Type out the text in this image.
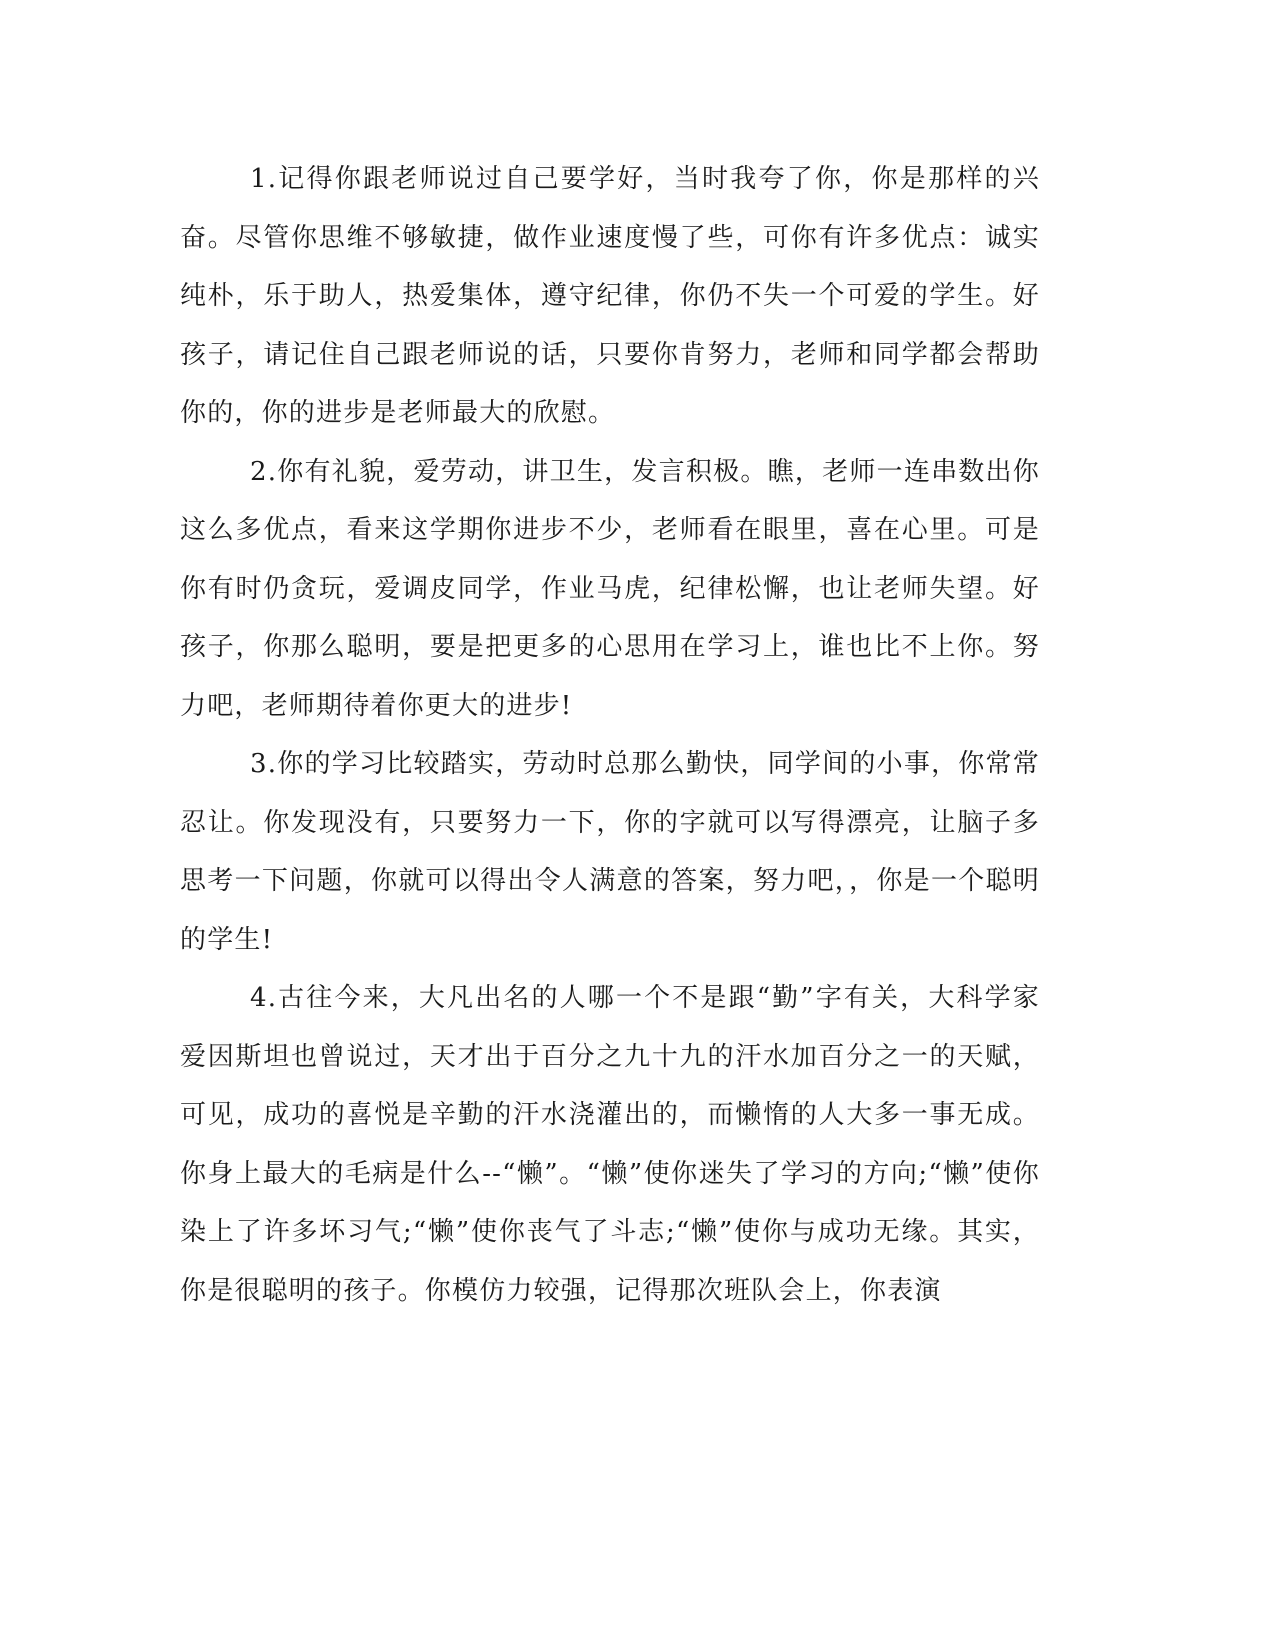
1.记得你跟老师说过自己要学好，当时我夸了你，你是那样的兴奋。尽管你思维不够敏捷，做作业速度慢了些，可你有许多优点：诚实纯朴，乐于助人，热爱集体，遵守纪律，你仍不失一个可爱的学生。好孩子，请记住自己跟老师说的话，只要你肯努力，老师和同学都会帮助你的，你的进步是老师最大的欣慰。

2.你有礼貌，爱劳动，讲卫生，发言积极。瞧，老师一连串数出你这么多优点，看来这学期你进步不少，老师看在眼里，喜在心里。可是你有时仍贪玩，爱调皮同学，作业马虎，纪律松懈，也让老师失望。好孩子，你那么聪明，要是把更多的心思用在学习上，谁也比不上你。努力吧，老师期待着你更大的进步!

3.你的学习比较踏实，劳动时总那么勤快，同学间的小事，你常常忍让。你发现没有，只要努力一下，你的字就可以写得漂亮，让脑子多思考一下问题，你就可以得出令人满意的答案，努力吧，，你是一个聪明的学生!

4.古往今来，大凡出名的人哪一个不是跟“勤”字有关，大科学家爱因斯坦也曾说过，天才出于百分之九十九的汗水加百分之一的天赋，可见，成功的喜悦是辛勤的汗水浇灌出的，而懒惰的人大多一事无成。你身上最大的毛病是什么--“懒”。“懒”使你迷失了学习的方向;“懒”使你染上了许多坏习气;“懒”使你丧气了斗志;“懒”使你与成功无缘。其实，你是很聪明的孩子。你模仿力较强，记得那次班队会上，你表演
